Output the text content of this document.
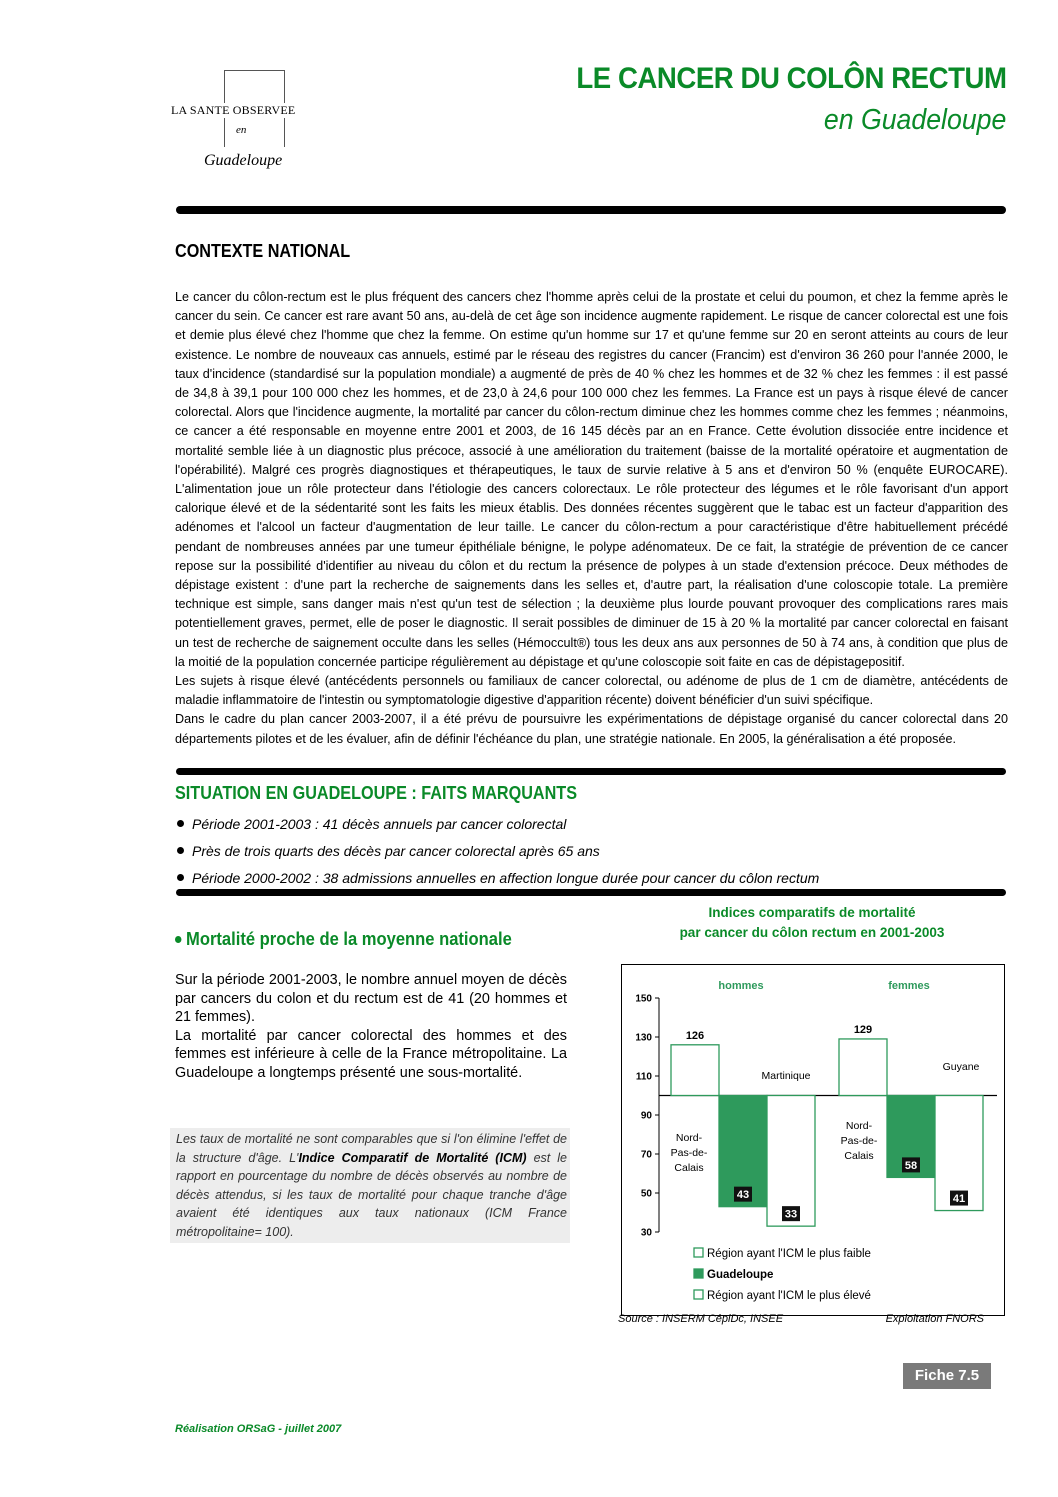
LA SANTE OBSERVEE
en
Guadeloupe
LE CANCER DU COLÔN RECTUM
en Guadeloupe
CONTEXTE NATIONAL

Le cancer du côlon-rectum est le plus fréquent des cancers chez l'homme après celui de la prostate et celui du poumon, et chez la femme après le cancer du sein. Ce cancer est rare avant 50 ans, au-delà de cet âge son incidence augmente rapidement. Le risque de cancer colorectal est une fois et demie plus élevé chez l'homme que chez la femme. On estime qu'un homme sur 17 et qu'une femme sur 20 en seront atteints au cours de leur existence. Le nombre de nouveaux cas annuels, estimé par le réseau des registres du cancer (Francim) est d'environ 36 260 pour l'année 2000, le taux d'incidence (standardisé sur la population mondiale) a augmenté de près de 40 % chez les hommes et de 32 % chez les femmes : il est passé de 34,8 à 39,1 pour 100 000 chez les hommes, et de 23,0 à 24,6 pour 100 000 chez les femmes. La France est un pays à risque élevé de cancer colorectal. Alors que l'incidence augmente, la mortalité par cancer du côlon-rectum diminue chez les hommes comme chez les femmes ; néanmoins, ce cancer a été responsable en moyenne entre 2001 et 2003, de 16 145 décès par an en France. Cette évolution dissociée entre incidence et mortalité semble liée à un diagnostic plus précoce, associé à une amélioration du traitement (baisse de la mortalité opératoire et augmentation de l'opérabilité). Malgré ces progrès diagnostiques et thérapeutiques, le taux de survie relative à 5 ans et d'environ 50 % (enquête EUROCARE). L'alimentation joue un rôle protecteur dans l'étiologie des cancers colorectaux. Le rôle protecteur des légumes et le rôle favorisant d'un apport calorique élevé et de la sédentarité sont les faits les mieux établis. Des données récentes suggèrent que le tabac est un facteur d'apparition des adénomes et l'alcool un facteur d'augmentation de leur taille. Le cancer du côlon-rectum a pour caractéristique d'être habituellement précédé pendant de nombreuses années par une tumeur épithéliale bénigne, le polype adénomateux. De ce fait, la stratégie de prévention de ce cancer repose sur la possibilité d'identifier au niveau du côlon et du rectum la présence de polypes à un stade d'extension précoce. Deux méthodes de dépistage existent : d'une part la recherche de saignements dans les selles et, d'autre part, la réalisation d'une coloscopie totale. La première technique est simple, sans danger mais n'est qu'un test de sélection ; la deuxième plus lourde pouvant provoquer des complications rares mais potentiellement graves, permet, elle de poser le diagnostic. Il serait possibles de diminuer de 15 à 20 % la mortalité par cancer colorectal en faisant un test de recherche de saignement occulte dans les selles (Hémoccult®) tous les deux ans aux personnes de 50 à 74 ans, à condition que plus de la moitié de la population concernée participe régulièrement au dépistage et qu'une coloscopie soit faite en cas de dépistagepositif.

Les sujets à risque élevé (antécédents personnels ou familiaux de cancer colorectal, ou adénome de plus de 1 cm de diamètre, antécédents de maladie inflammatoire de l'intestin ou symptomatologie digestive d'apparition récente) doivent bénéficier d'un suivi spécifique.

Dans le cadre du plan cancer 2003-2007, il a été prévu de poursuivre les expérimentations de dépistage organisé du cancer colorectal dans 20 départements pilotes et de les évaluer, afin de définir l'échéance du plan, une stratégie nationale. En 2005, la généralisation a été proposée.

SITUATION EN GUADELOUPE : FAITS MARQUANTS
Période 2001-2003 : 41 décès annuels par cancer colorectal
Près de trois quarts des décès par cancer colorectal après 65 ans
Période 2000-2002 : 38 admissions annuelles en affection longue durée pour cancer du côlon rectum
Mortalité proche de la moyenne nationale

Sur la période 2001-2003, le nombre annuel moyen de décès par cancers du colon et du rectum est de 41 (20 hommes et 21 femmes).

La mortalité par cancer colorectal des hommes et des femmes est inférieure à celle de la France métropolitaine. La Guadeloupe a longtemps présenté une sous-mortalité.

Les taux de mortalité ne sont comparables que si l'on élimine l'effet de la structure d'âge. L'Indice Comparatif de Mortalité (ICM) est le rapport en pourcentage du nombre de décès observés au nombre de décès attendus, si les taux de mortalité pour chaque tranche d'âge avaient été identiques aux taux nationaux (ICM France métropolitaine= 100).
Indices comparatifs de mortalité
par cancer du côlon rectum en 2001-2003
30
50
70
90
110
130
150
hommes
126
43
33
femmes
129
58
41
Martinique
Guyane
Nord-
Nord-
Pas-de-
Pas-de-
Calais
Calais
Région ayant l'ICM le plus faible
Guadeloupe
Région ayant l'ICM le plus élevé
Source : INSERM CépiDc, INSEE	Exploitation FNORS
Fiche 7.5
Réalisation ORSaG - juillet 2007
